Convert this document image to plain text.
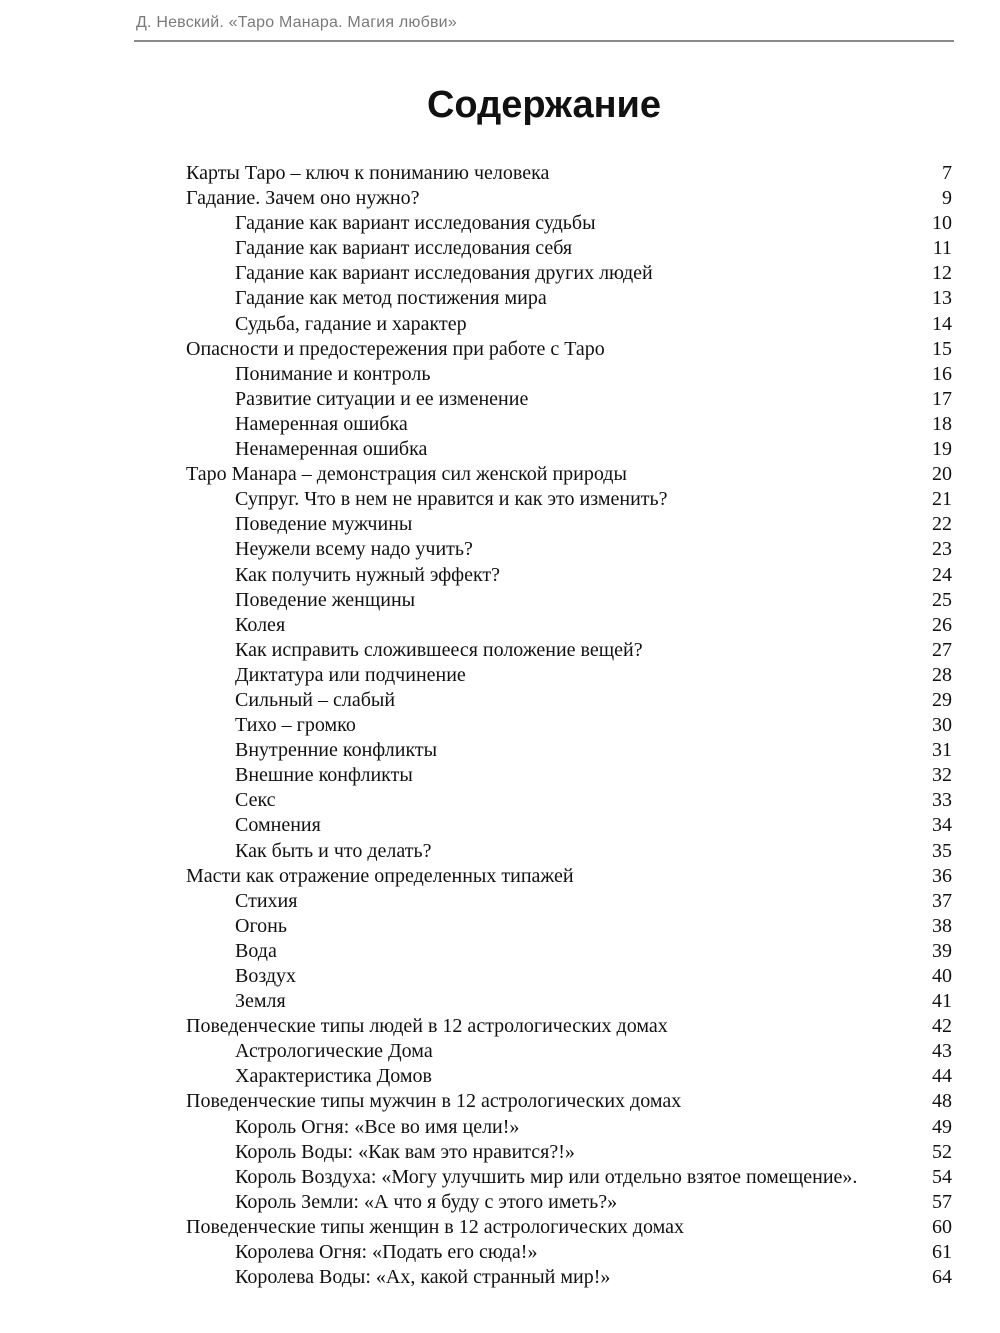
Д. Невский. «Таро Манара. Магия любви»
Содержание
Карты Таро – ключ к пониманию человека	7
Гадание. Зачем оно нужно?	9
Гадание как вариант исследования судьбы	10
Гадание как вариант исследования себя	11
Гадание как вариант исследования других людей	12
Гадание как метод постижения мира	13
Судьба, гадание и характер	14
Опасности и предостережения при работе с Таро	15
Понимание и контроль	16
Развитие ситуации и ее изменение	17
Намеренная ошибка	18
Ненамеренная ошибка	19
Таро Манара – демонстрация сил женской природы	20
Супруг. Что в нем не нравится и как это изменить?	21
Поведение мужчины	22
Неужели всему надо учить?	23
Как получить нужный эффект?	24
Поведение женщины	25
Колея	26
Как исправить сложившееся положение вещей?	27
Диктатура или подчинение	28
Сильный – слабый	29
Тихо – громко	30
Внутренние конфликты	31
Внешние конфликты	32
Секс	33
Сомнения	34
Как быть и что делать?	35
Масти как отражение определенных типажей	36
Стихия	37
Огонь	38
Вода	39
Воздух	40
Земля	41
Поведенческие типы людей в 12 астрологических домах	42
Астрологические Дома	43
Характеристика Домов	44
Поведенческие типы мужчин в 12 астрологических домах	48
Король Огня: «Все во имя цели!»	49
Король Воды: «Как вам это нравится?!»	52
Король Воздуха: «Могу улучшить мир или отдельно взятое помещение».	54
Король Земли: «А что я буду с этого иметь?»	57
Поведенческие типы женщин в 12 астрологических домах	60
Королева Огня: «Подать его сюда!»	61
Королева Воды: «Ах, какой странный мир!»	64
